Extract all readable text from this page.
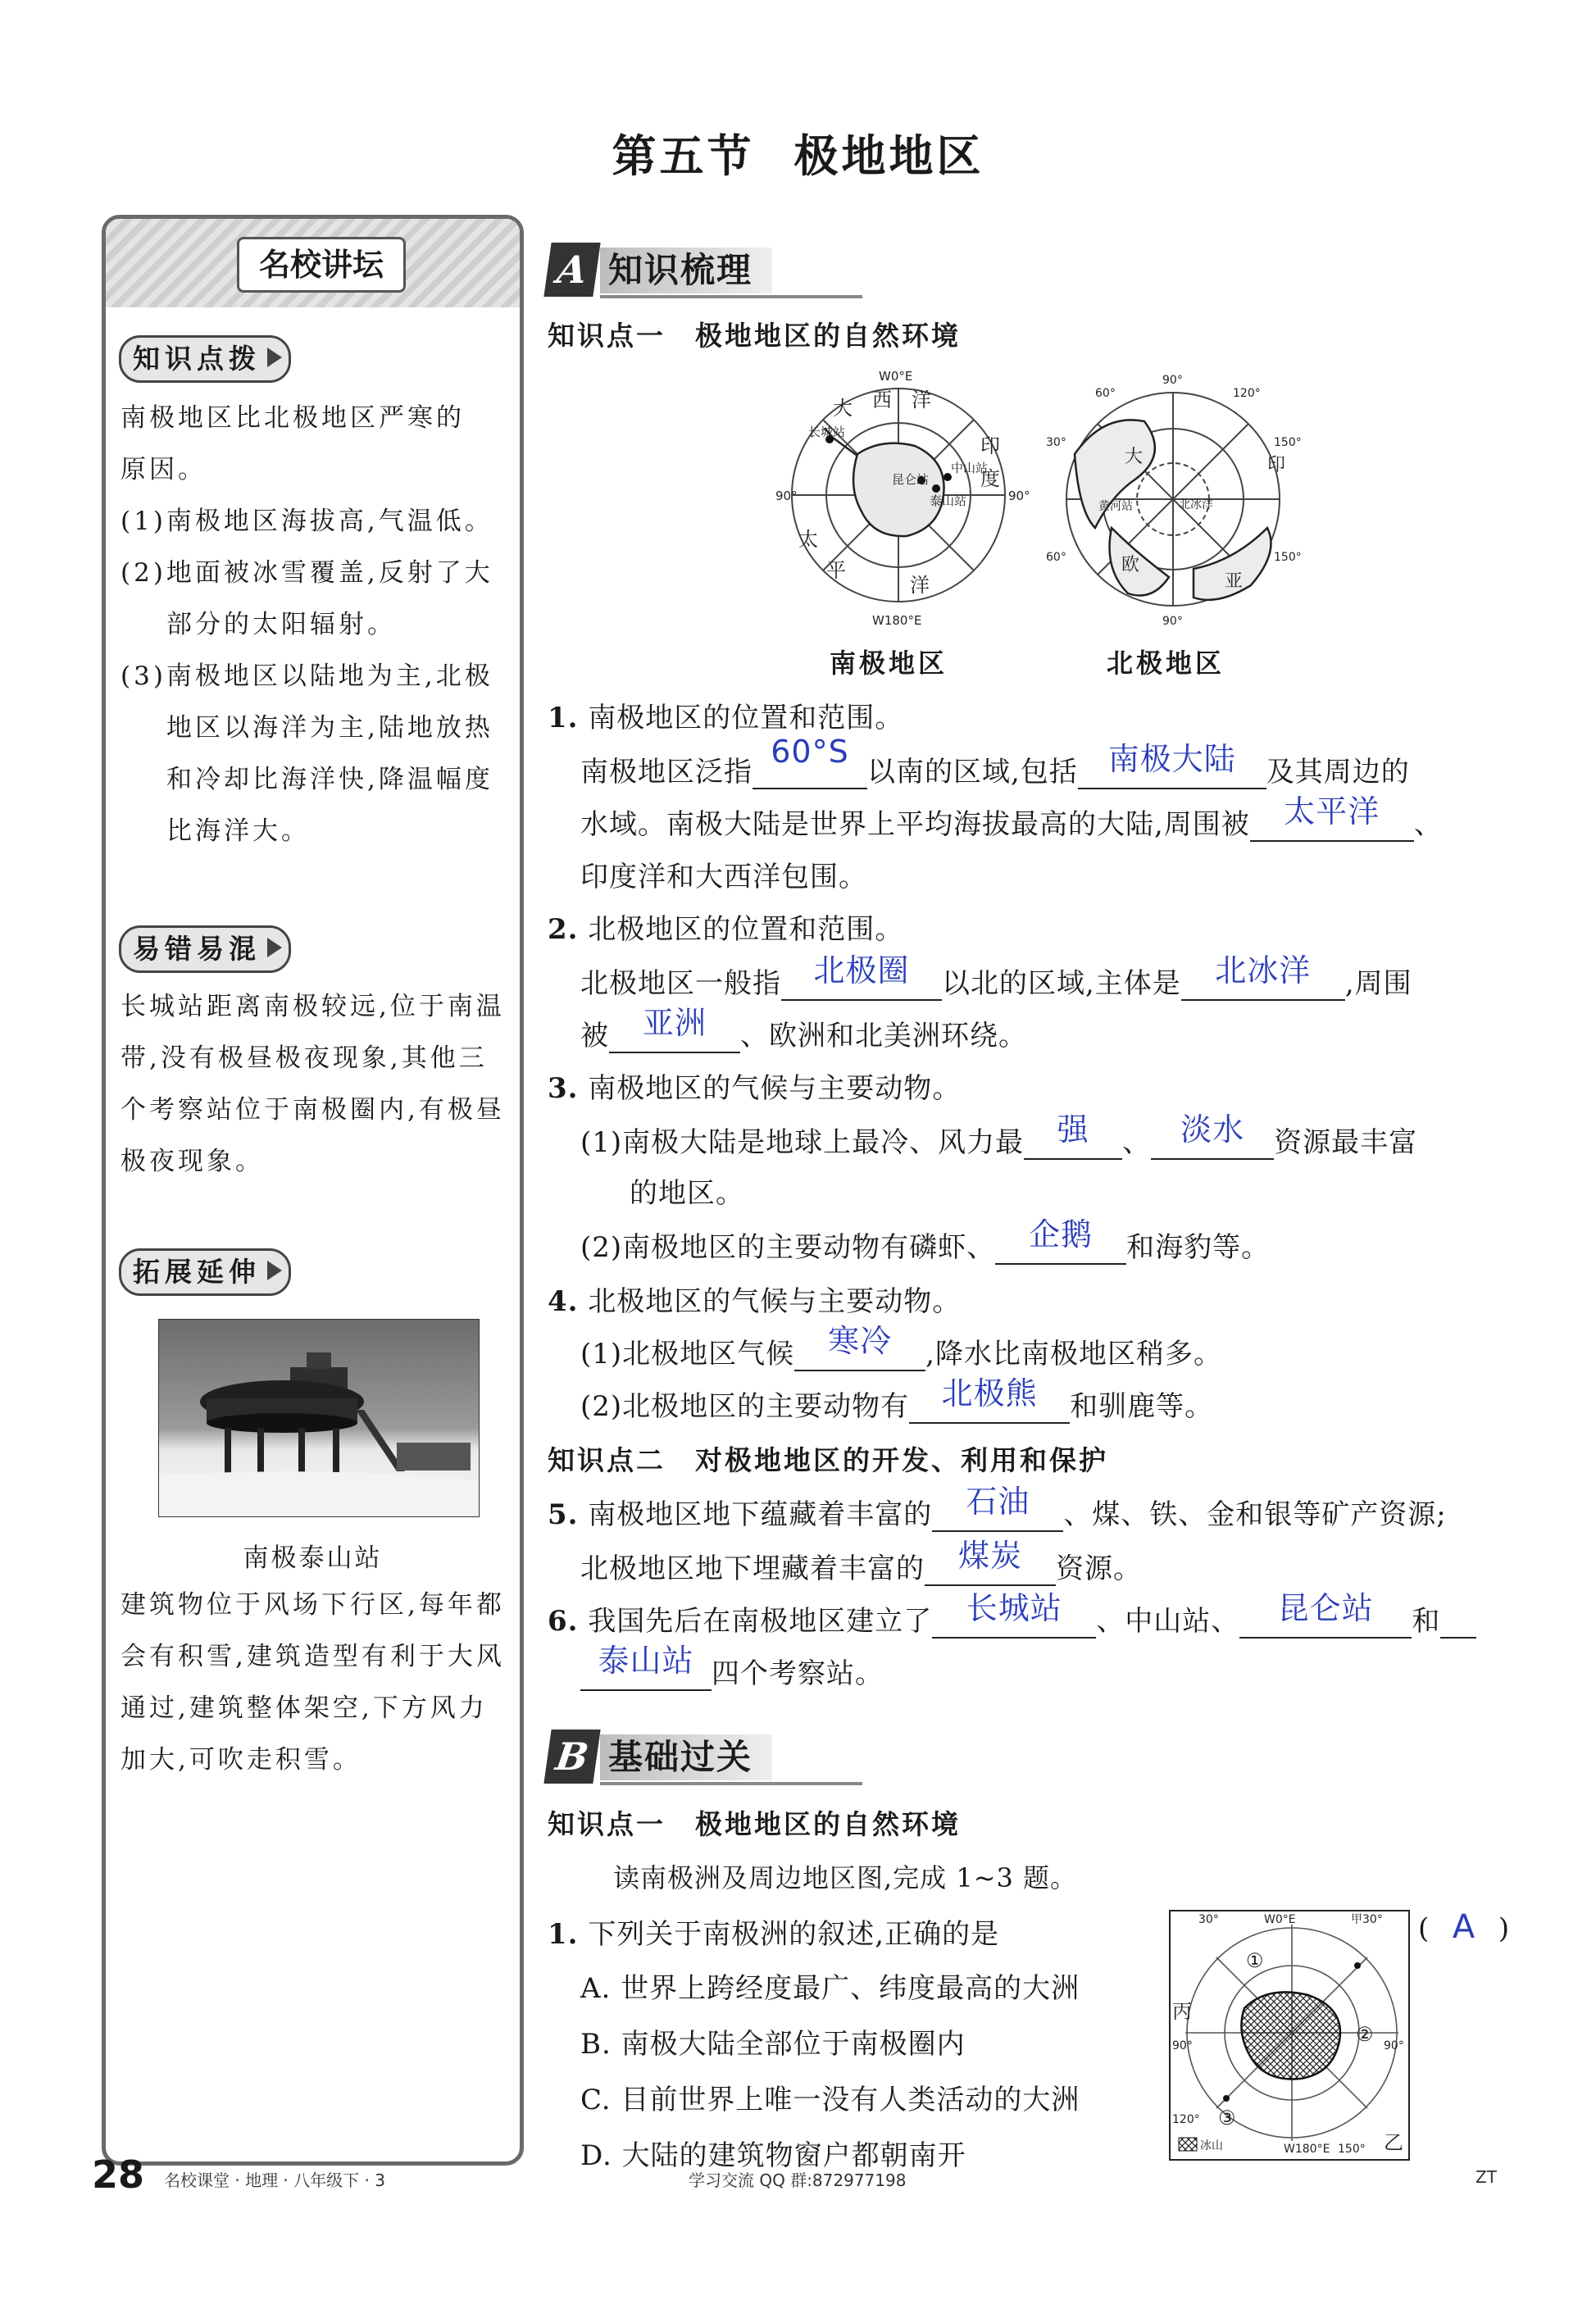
第五节 极地地区
名校讲坛
知识点拨
南极地区比北极地区严寒的
原因。
(1)南极地区海拔高,气温低。
(2)地面被冰雪覆盖,反射了大
部分的太阳辐射。
(3)南极地区以陆地为主,北极
地区以海洋为主,陆地放热
和冷却比海洋快,降温幅度
比海洋大。
易错易混
长城站距离南极较远,位于南温
带,没有极昼极夜现象,其他三
个考察站位于南极圈内,有极昼
极夜现象。
拓展延伸
南极泰山站
建筑物位于风场下行区,每年都
会有积雪,建筑造型有利于大风
通过,建筑整体架空,下方风力
加大,可吹走积雪。
A 知识梳理
知识点一 极地地区的自然环境
W0°E
W180°E
90°	90°
长城站
中山站
昆仑站
泰山站
大 西 洋
印
度
太
平
洋
90°
60°	120°
30°	150°
60°	150°
90°
黄河站	北冰洋
大	印
欧
亚
南极地区	北极地区
1. 南极地区的位置和范围。
南极地区泛指
60°S
以南的区域,包括 南极大陆	及其周边的
水域。南极大陆是世界上平均海拔最高的大陆,周围被	太平洋	、
印度洋和大西洋包围。
2. 北极地区的位置和范围。
北极地区一般指	北极圈	以北的区域,主体是	北冰洋	,周围
被	亚洲	、欧洲和北美洲环绕。
3. 南极地区的气候与主要动物。
(1)南极大陆是地球上最冷、风力最	强	、 淡水	资源最丰富
的地区。
(2)南极地区的主要动物有磷虾、	企鹅	和海豹等。
4. 北极地区的气候与主要动物。
(1)北极地区气候	寒冷	,降水比南极地区稍多。
(2)北极地区的主要动物有	北极熊	和驯鹿等。
知识点二 对极地地区的开发、利用和保护
5. 南极地区地下蕴藏着丰富的	石油	、煤、铁、金和银等矿产资源;
北极地区地下埋藏着丰富的	煤炭	资源。
6. 我国先后在南极地区建立了	长城站	、中山站、	昆仑站	和
泰山站 四个考察站。
B 基础过关
知识点一 极地地区的自然环境
读南极洲及周边地区图,完成 1~3 题。
1. 下列关于南极洲的叙述,正确的是	( A )
A. 世界上跨经度最广、纬度最高的大洲
B. 南极大陆全部位于南极圈内
C. 目前世界上唯一没有人类活动的大洲
D. 大陆的建筑物窗户都朝南开
W0°E
30°	甲30°
90°
120°
90°
W180°E 150°
冰山
①
②
③
丙
乙
28 名校课堂 · 地理 · 八年级下 · 3	学习交流 QQ 群:872977198	ZT
